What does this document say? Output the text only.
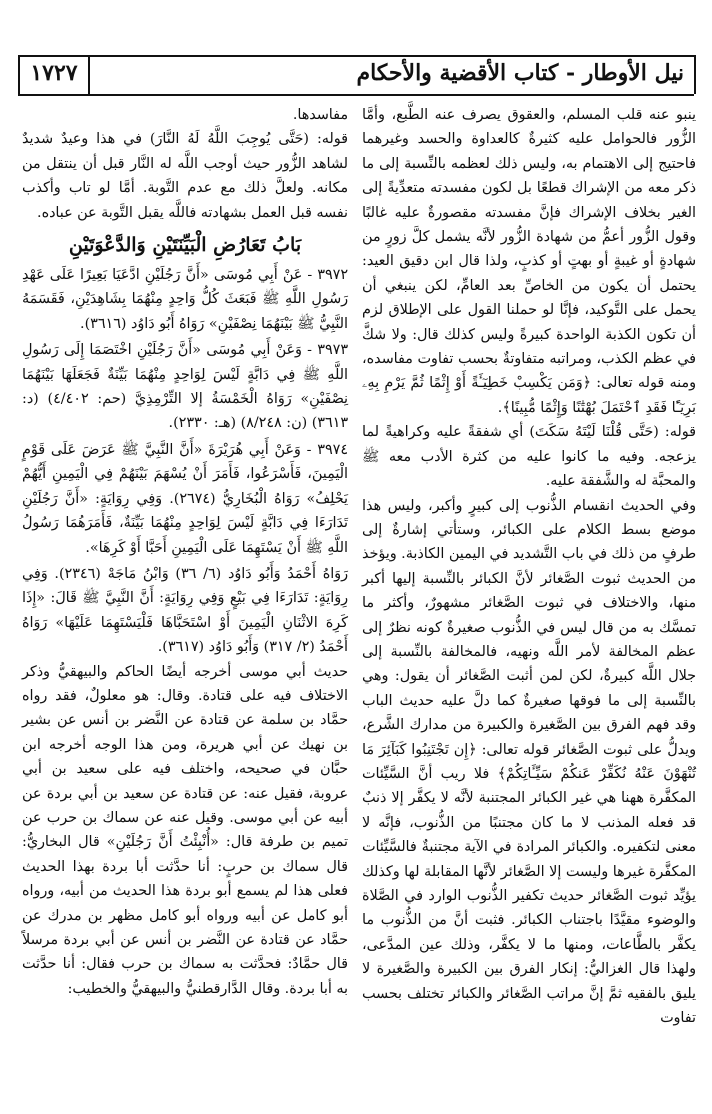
١٧٢٧	نيل الأوطار - كتاب الأقضية والأحكام

ينبو عنه قلب المسلم، والعقوق يصرف عنه الطَّبع، وأمَّا الزُّور فالحوامل عليه كثيرةٌ كالعداوة والحسد وغيرهما فاحتيج إلى الاهتمام به، وليس ذلك لعظمه بالنِّسبة إلى ما ذكر معه من الإشراك قطعًا بل لكون مفسدته متعدِّيةً إلى الغير بخلاف الإشراك فإنَّ مفسدته مقصورةٌ عليه غالبًا وقول الزُّور أعمُّ من شهادة الزُّور لأنَّه يشمل كلَّ زورٍ من شهادةٍ أو غيبةٍ أو بهتٍ أو كذبٍ، ولذا قال ابن دقيق العيد: يحتمل أن يكون من الخاصِّ بعد العامِّ، لكن ينبغي أن يحمل على التَّوكيد، فإنَّا لو حملنا القول على الإطلاق لزم أن تكون الكذبة الواحدة كبيرةً وليس كذلك قال: ولا شكَّ في عظم الكذب، ومراتبه متفاوتةٌ بحسب تفاوت مفاسده، ومنه قوله تعالى: ﴿وَمَن يَكْسِبْ خَطِيٓـَٔةً أَوْ إِثْمًا ثُمَّ يَرْمِ بِهِۦ بَرِيٓـًٔا فَقَدِ ٱحْتَمَلَ بُهْتَٰنًا وَإِثْمًا مُّبِينًا﴾.

قوله: (حَتَّى قُلْنَا لَيْتَهُ سَكَتَ) أي شفقةً عليه وكراهيةً لما يزعجه. وفيه ما كانوا عليه من كثرة الأدب معه ﷺ والمحبَّة له والشَّفقة عليه.

وفي الحديث انقسام الذُّنوب إلى كبيرٍ وأكبر، وليس هذا موضع بسط الكلام على الكبائر، وستأتي إشارةٌ إلى طرفٍ من ذلك في باب التَّشديد في اليمين الكاذبة. ويؤخذ من الحديث ثبوت الصَّغائر لأنَّ الكبائر بالنِّسبة إليها أكبر منها، والاختلاف في ثبوت الصَّغائر مشهورٌ، وأكثر ما تمسَّك به من قال ليس في الذُّنوب صغيرةٌ كونه نظرٌ إلى عظم المخالفة لأمر اللَّه ونهيه، فالمخالفة بالنِّسبة إلى جلال اللَّه كبيرةٌ، لكن لمن أثبت الصَّغائر أن يقول: وهي بالنِّسبة إلى ما فوقها صغيرةٌ كما دلَّ عليه حديث الباب وقد فهم الفرق بين الصَّغيرة والكبيرة من مدارك الشَّرع، ويدلُّ على ثبوت الصَّغائر قوله تعالى: ﴿إِن تَجْتَنِبُوا كَبَآئِرَ مَا تُنْهَوْنَ عَنْهُ نُكَفِّرْ عَنكُمْ سَيِّـَٔاتِكُمْ﴾ فلا ريب أنَّ السَّيِّئات المكفَّرة ههنا هي غير الكبائر المجتنبة لأنَّه لا يكفَّر إلا ذنبٌ قد فعله المذنب لا ما كان مجتنبًا من الذُّنوب، فإنَّه لا معنى لتكفيره. والكبائر المرادة في الآية مجتنبةٌ فالسَّيِّئات المكفَّرة غيرها وليست إلا الصَّغائر لأنَّها المقابلة لها وكذلك يؤيِّد ثبوت الصَّغائر حديث تكفير الذُّنوب الوارد في الصَّلاة والوضوء مقيَّدًا باجتناب الكبائر. فثبت أنَّ من الذُّنوب ما يكفَّر بالطَّاعات، ومنها ما لا يكفَّر، وذلك عين المدَّعى، ولهذا قال الغزاليُّ: إنكار الفرق بين الكبيرة والصَّغيرة لا يليق بالفقيه ثمَّ إنَّ مراتب الصَّغائر والكبائر تختلف بحسب تفاوت

مفاسدها.

قوله: (حَتَّى يُوجِبَ اللَّهُ لَهُ النَّارَ) في هذا وعيدٌ شديدٌ لشاهد الزُّور حيث أوجب اللَّه له النَّار قبل أن ينتقل من مكانه. ولعلَّ ذلك مع عدم التَّوبة. أمَّا لو تاب وأكذب نفسه قبل العمل بشهادته فاللَّه يقبل التَّوبة عن عباده.

بَابُ تَعَارُضِ الْبَيِّنَتَيْنِ وَالدَّعْوَتَيْنِ

٣٩٧٢ - عَنْ أَبِي مُوسَى «أَنَّ رَجُلَيْنِ ادَّعَيَا بَعِيرًا عَلَى عَهْدِ رَسُولِ اللَّهِ ﷺ فَبَعَثَ كُلُّ وَاحِدٍ مِنْهُمَا بِشَاهِدَيْنِ، فَقَسَمَهُ النَّبِيُّ ﷺ بَيْنَهُمَا نِصْفَيْنِ» رَوَاهُ أَبُو دَاوُد (٣٦١٦).

٣٩٧٣ - وَعَنْ أَبِي مُوسَى «أَنَّ رَجُلَيْنِ اخْتَصَمَا إِلَى رَسُولِ اللَّهِ ﷺ فِي دَابَّةٍ لَيْسَ لِوَاحِدٍ مِنْهُمَا بَيِّنَةٌ فَجَعَلَهَا بَيْنَهُمَا نِصْفَيْنِ» رَوَاهُ الْخَمْسَةُ إلا التِّرْمِذِيَّ (حم: ٤/٤٠٢) (د: ٣٦١٣) (ن: ٨/٢٤٨) (هـ: ٢٣٣٠).

٣٩٧٤ - وَعَنْ أَبِي هُرَيْرَةَ «أَنَّ النَّبِيَّ ﷺ عَرَضَ عَلَى قَوْمٍ الْيَمِينَ، فَأَسْرَعُوا، فَأَمَرَ أَنْ يُسْهَمَ بَيْنَهُمْ فِي الْيَمِينِ أَيُّهُمْ يَحْلِفُ» رَوَاهُ الْبُخَارِيُّ (٢٦٧٤). وَفِي رِوَايَةٍ: «أَنَّ رَجُلَيْنِ تَدَارَءَا فِي دَابَّةٍ لَيْسَ لِوَاحِدٍ مِنْهُمَا بَيِّنَةٌ، فَأَمَرَهُمَا رَسُولُ اللَّهِ ﷺ أَنْ يَسْتَهِمَا عَلَى الْيَمِينِ أَحَبَّا أَوْ كَرِهَا».

رَوَاهُ أَحْمَدُ وَأَبُو دَاوُد (٦/ ٣٦) وَابْنُ مَاجَهْ (٢٣٤٦). وَفِي رِوَايَةٍ: تَدَارَءَا فِي بَيْعٍ وَفِي رِوَايَةٍ: أَنَّ النَّبِيَّ ﷺ قَالَ: «إِذَا كَرِهَ الاثْنَانِ الْيَمِينَ أَوْ اسْتَحَبَّاهَا فَلْيَسْتَهِمَا عَلَيْهَا» رَوَاهُ أَحْمَدُ (٢/ ٣١٧) وَأَبُو دَاوُد (٣٦١٧).

حديث أبي موسى أخرجه أيضًا الحاكم والبيهقيُّ وذكر الاختلاف فيه على قتادة. وقال: هو معلولٌ، فقد رواه حمَّاد بن سلمة عن قتادة عن النَّضر بن أنس عن بشير بن نهيك عن أبي هريرة، ومن هذا الوجه أخرجه ابن حبَّان في صحيحه، واختلف فيه على سعيد بن أبي عروبة، فقيل عنه: عن قتادة عن سعيد بن أبي بردة عن أبيه عن أبي موسى. وقيل عنه عن سماك بن حرب عن تميم بن طرفة قال: «أُنْبِئْتُ أَنَّ رَجُلَيْنِ» قال البخاريُّ: قال سماك بن حربٍ: أنا حدَّثت أبا بردة بهذا الحديث فعلى هذا لم يسمع أبو بردة هذا الحديث من أبيه، ورواه أبو كامل عن أبيه ورواه أبو كامل مظهر بن مدرك عن حمَّاد عن قتادة عن النَّضر بن أنس عن أبي بردة مرسلاً قال حمَّادٌ: فحدَّثت به سماك بن حرب فقال: أنا حدَّثت به أبا بردة. وقال الدَّارقطنيُّ والبيهقيُّ والخطيب:
